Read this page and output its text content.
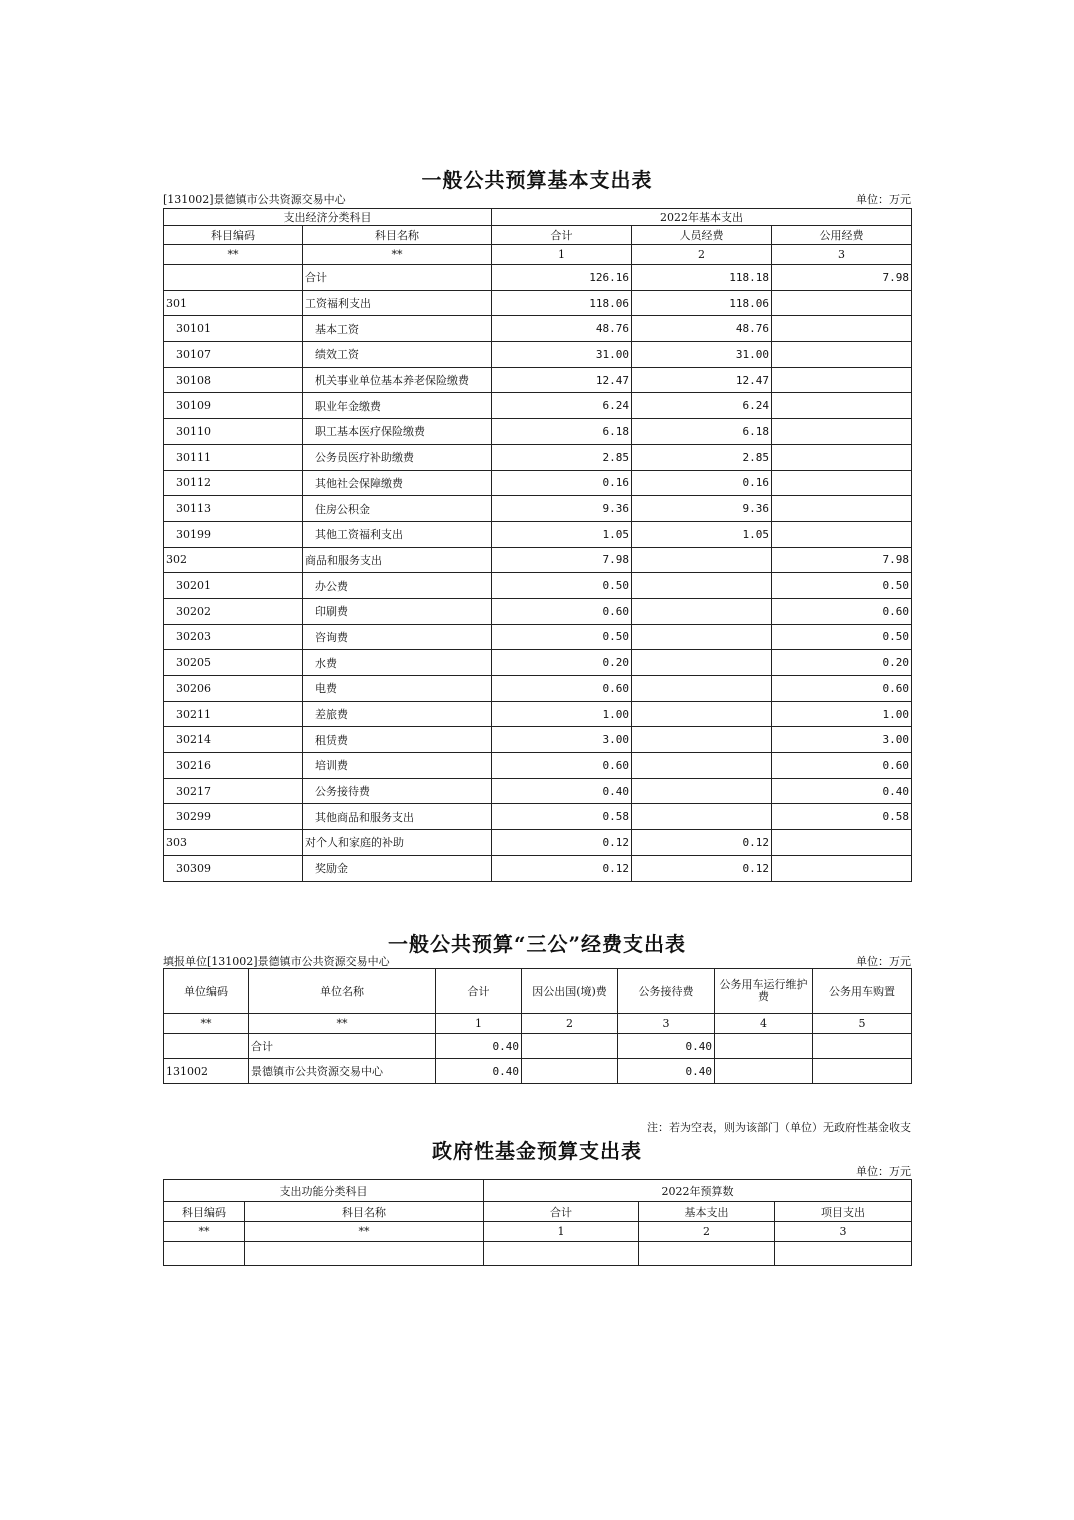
一般公共预算基本支出表
[131002]景德镇市公共资源交易中心	单位：万元
支出经济分类科目		2022年基本支出		
科目编码	科目名称	合计	人员经费	公用经费
**	**	1	2	3
	合计	126.16	118.18	7.98
301	工资福利支出	118.06	118.06	
30101	基本工资	48.76	48.76	
30107	绩效工资	31.00	31.00	
30108	机关事业单位基本养老保险缴费	12.47	12.47	
30109	职业年金缴费	6.24	6.24	
30110	职工基本医疗保险缴费	6.18	6.18	
30111	公务员医疗补助缴费	2.85	2.85	
30112	其他社会保障缴费	0.16	0.16	
30113	住房公积金	9.36	9.36	
30199	其他工资福利支出	1.05	1.05	
302	商品和服务支出	7.98		7.98
30201	办公费	0.50		0.50
30202	印刷费	0.60		0.60
30203	咨询费	0.50		0.50
30205	水费	0.20		0.20
30206	电费	0.60		0.60
30211	差旅费	1.00		1.00
30214	租赁费	3.00		3.00
30216	培训费	0.60		0.60
30217	公务接待费	0.40		0.40
30299	其他商品和服务支出	0.58		0.58
303	对个人和家庭的补助	0.12	0.12	
30309	奖励金	0.12	0.12	
一般公共预算“三公”经费支出表
填报单位[131002]景德镇市公共资源交易中心	单位：万元
单位编码	单位名称	合计	因公出国(境)费	公务接待费	公务用车运行维护费	公务用车购置
**	**	1	2	3	4	5
	合计	0.40		0.40		
131002	景德镇市公共资源交易中心	0.40		0.40		
注：若为空表，则为该部门（单位）无政府性基金收支
政府性基金预算支出表
单位：万元
支出功能分类科目		2022年预算数		
科目编码	科目名称	合计	基本支出	项目支出
**	**	1	2	3
